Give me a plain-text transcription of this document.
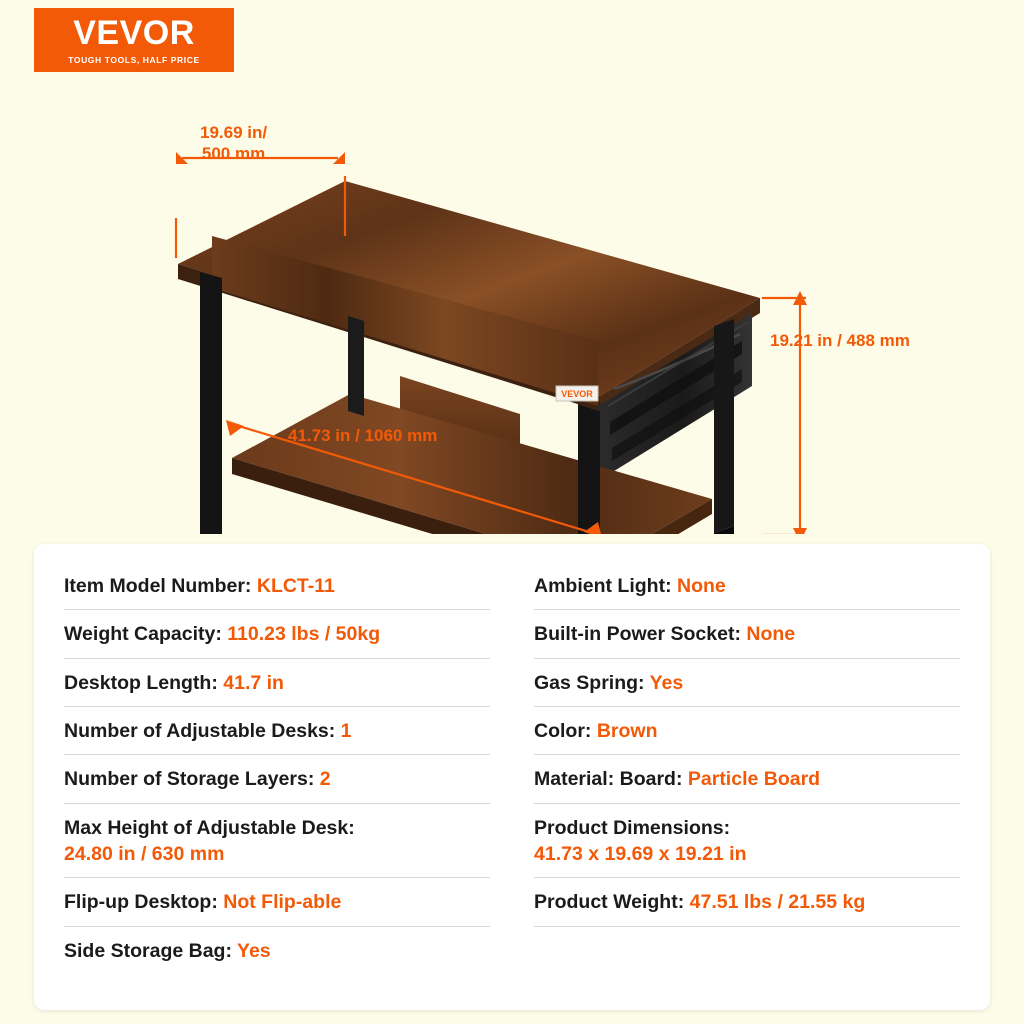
VEVOR
TOUGH TOOLS, HALF PRICE
VEVOR
19.69 in/
500 mm
19.21 in / 488 mm
41.73 in / 1060 mm
Item Model Number: KLCT-11
Weight Capacity: 110.23 lbs / 50kg
Desktop Length: 41.7 in
Number of Adjustable Desks: 1
Number of Storage Layers: 2
Max Height of Adjustable Desk:
24.80 in / 630 mm
Flip-up Desktop: Not Flip-able
Side Storage Bag: Yes
Ambient Light: None
Built-in Power Socket: None
Gas Spring: Yes
Color: Brown
Material: Board: Particle Board
Product Dimensions:
41.73 x 19.69 x 19.21 in
Product Weight: 47.51 lbs / 21.55 kg
